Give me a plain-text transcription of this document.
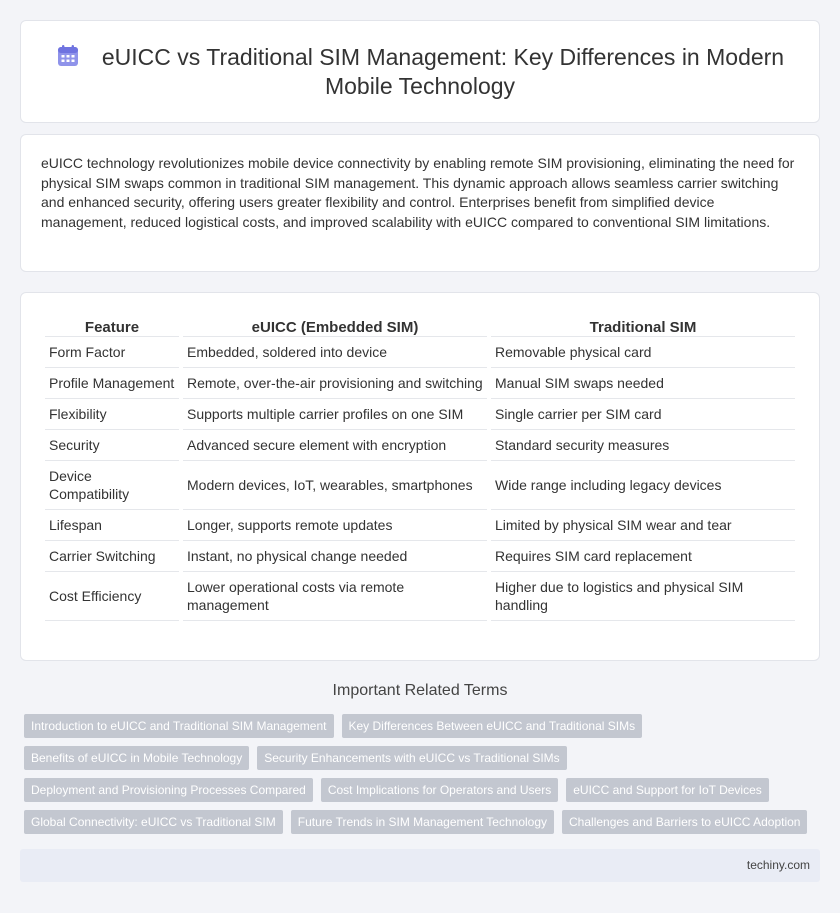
eUICC vs Traditional SIM Management: Key Differences in Modern Mobile Technology

eUICC technology revolutionizes mobile device connectivity by enabling remote SIM provisioning, eliminating the need for physical SIM swaps common in traditional SIM management. This dynamic approach allows seamless carrier switching and enhanced security, offering users greater flexibility and control. Enterprises benefit from simplified device management, reduced logistical costs, and improved scalability with eUICC compared to conventional SIM limitations.

Feature	eUICC (Embedded SIM)	Traditional SIM
Form Factor	Embedded, soldered into device	Removable physical card
Profile Management	Remote, over-the-air provisioning and switching	Manual SIM swaps needed
Flexibility	Supports multiple carrier profiles on one SIM	Single carrier per SIM card
Security	Advanced secure element with encryption	Standard security measures
Device Compatibility	Modern devices, IoT, wearables, smartphones	Wide range including legacy devices
Lifespan	Longer, supports remote updates	Limited by physical SIM wear and tear
Carrier Switching	Instant, no physical change needed	Requires SIM card replacement
Cost Efficiency	Lower operational costs via remote management	Higher due to logistics and physical SIM handling
Important Related Terms
Introduction to eUICC and Traditional SIM Management	Key Differences Between eUICC and Traditional SIMs
Benefits of eUICC in Mobile Technology	Security Enhancements with eUICC vs Traditional SIMs
Deployment and Provisioning Processes Compared	Cost Implications for Operators and Users	eUICC and Support for IoT Devices
Global Connectivity: eUICC vs Traditional SIM	Future Trends in SIM Management Technology	Challenges and Barriers to eUICC Adoption
techiny.com
